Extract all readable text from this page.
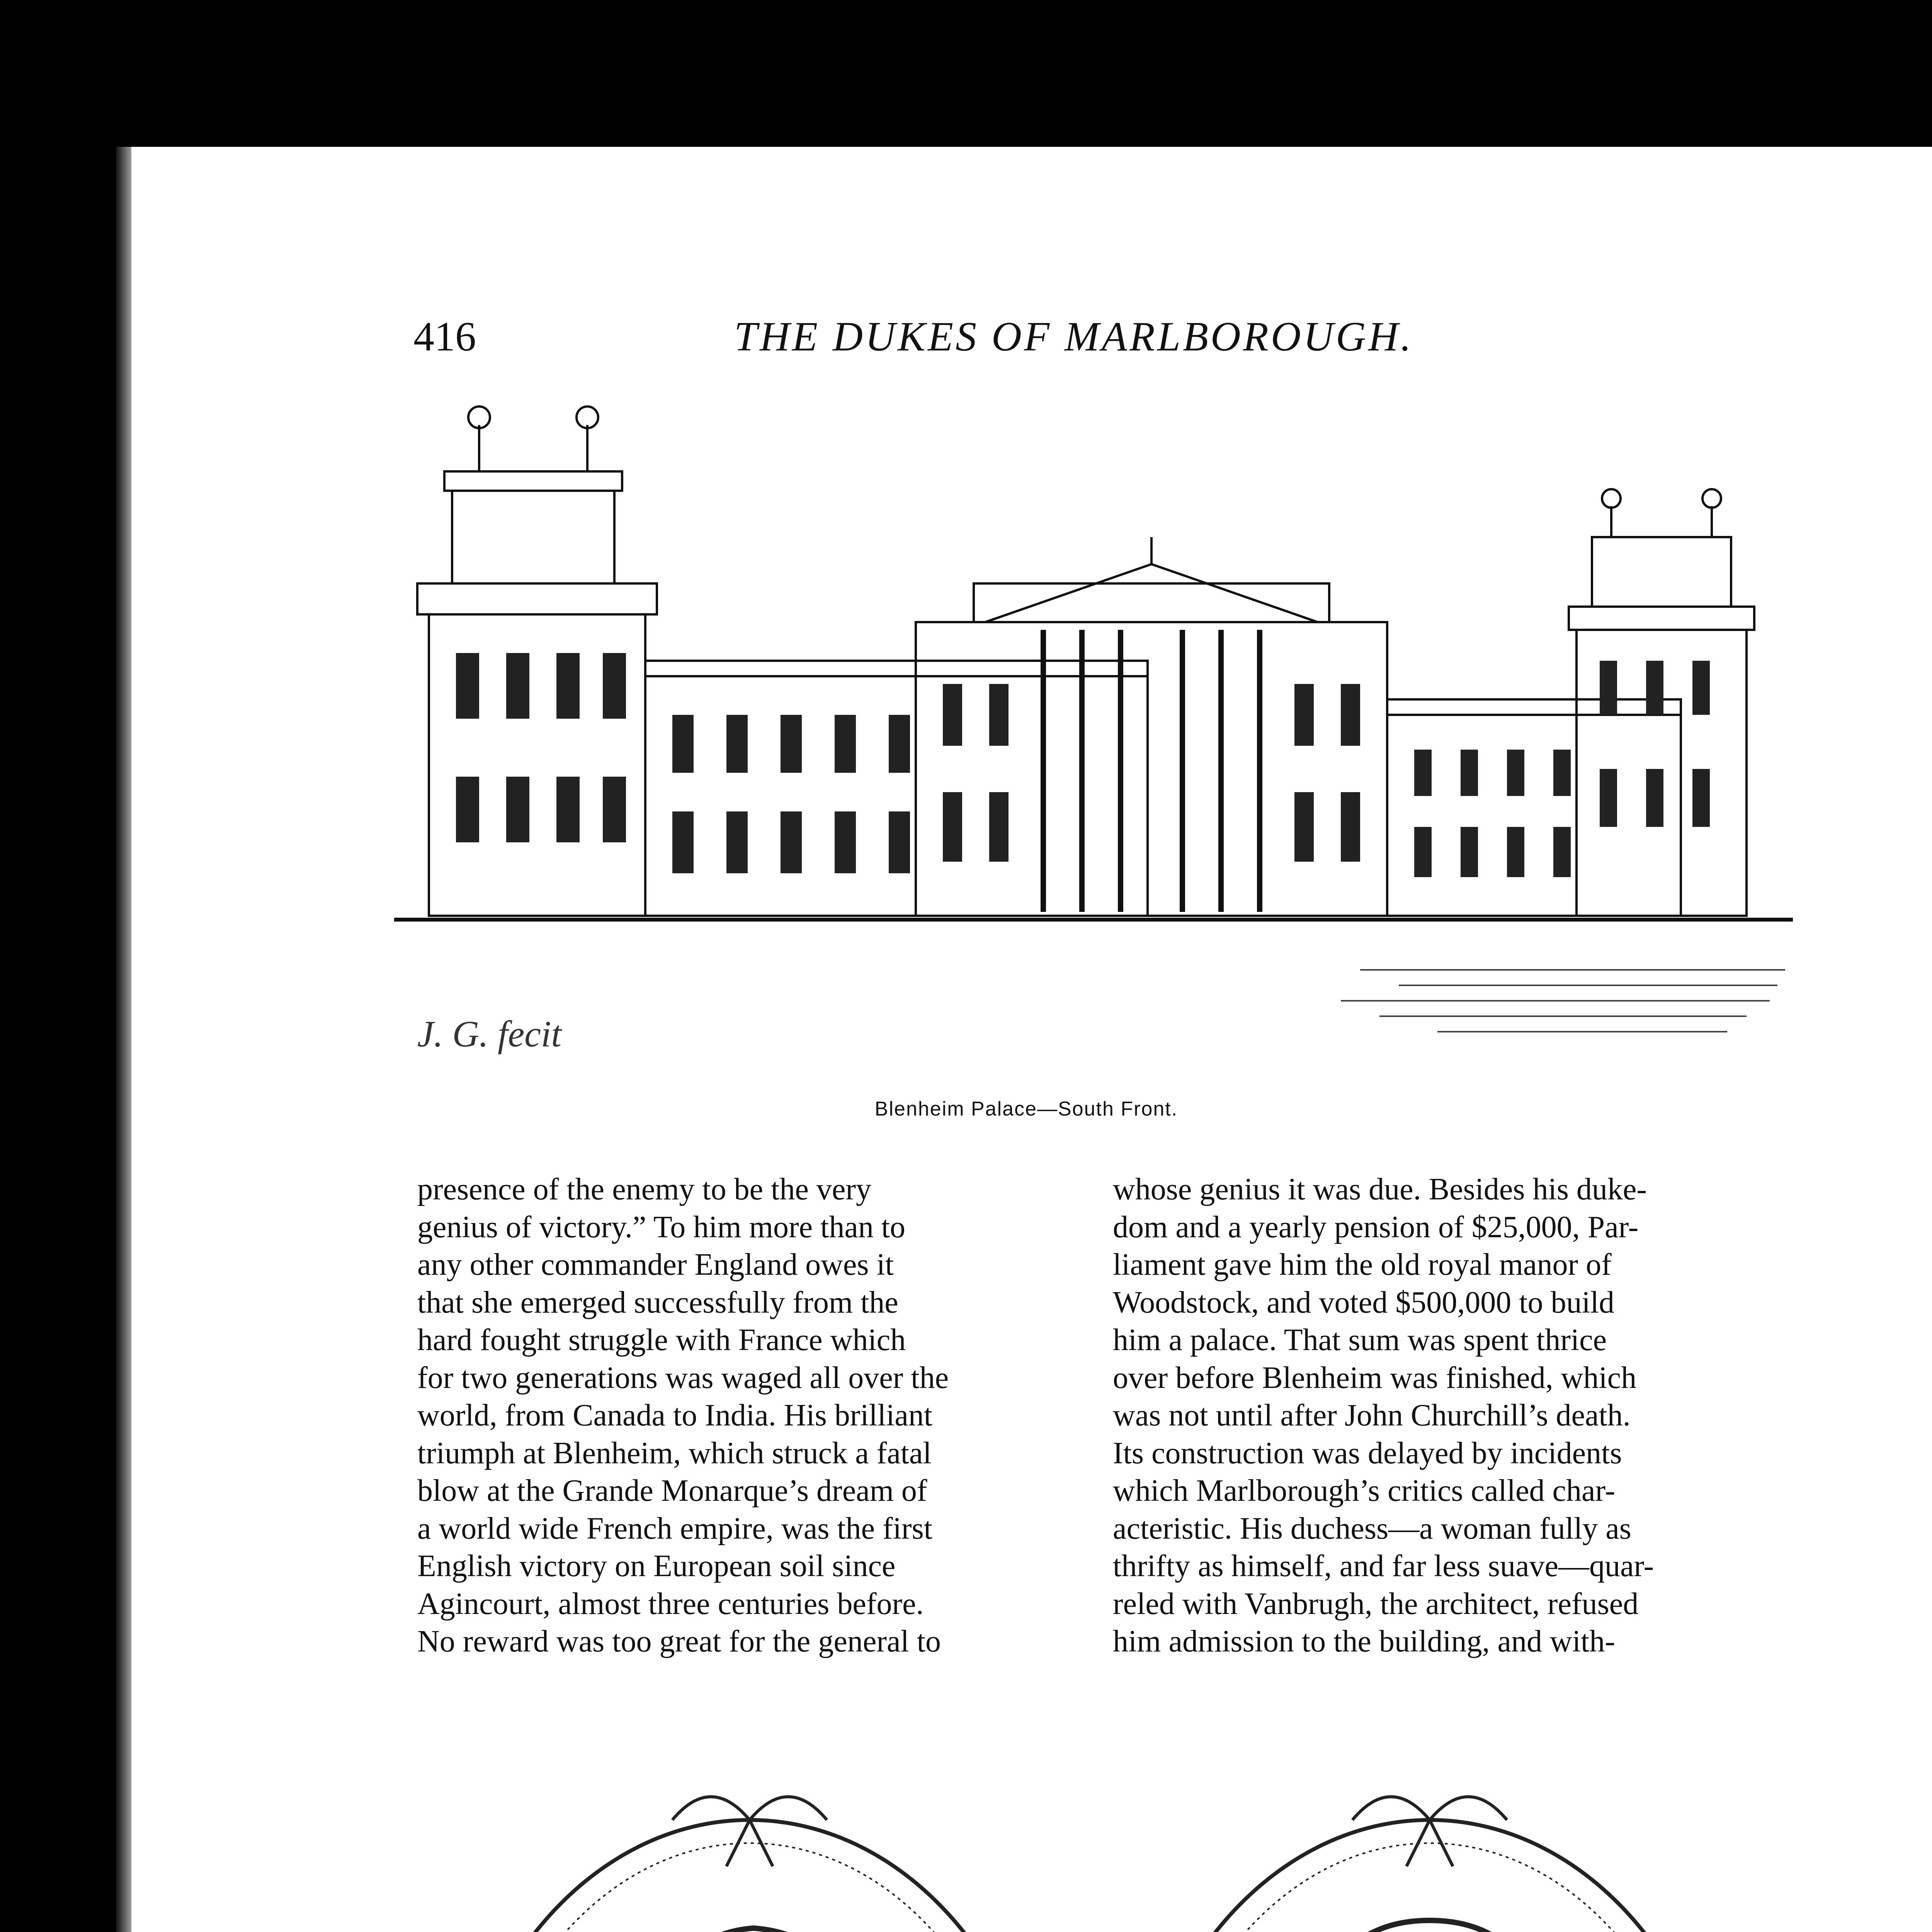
416	THE DUKES OF MARLBOROUGH.
J. G. fecit
Blenheim Palace—South Front.

presence of the enemy to be the very

genius of victory.” To him more than to

any other commander England owes it

that she emerged successfully from the

hard fought struggle with France which

for two generations was waged all over the

world, from Canada to India. His brilliant

triumph at Blenheim, which struck a fatal

blow at the Grande Monarque’s dream of

a world wide French empire, was the first

English victory on European soil since

Agincourt, almost three centuries before.

No reward was too great for the general to

whose genius it was due. Besides his duke-

dom and a yearly pension of $25,000, Par-

liament gave him the old royal manor of

Woodstock, and voted $500,000 to build

him a palace. That sum was spent thrice

over before Blenheim was finished, which

was not until after John Churchill’s death.

Its construction was delayed by incidents

which Marlborough’s critics called char-

acteristic. His duchess—a woman fully as

thrifty as himself, and far less suave—quar-

reled with Vanbrugh, the architect, refused

him admission to the building, and with-
